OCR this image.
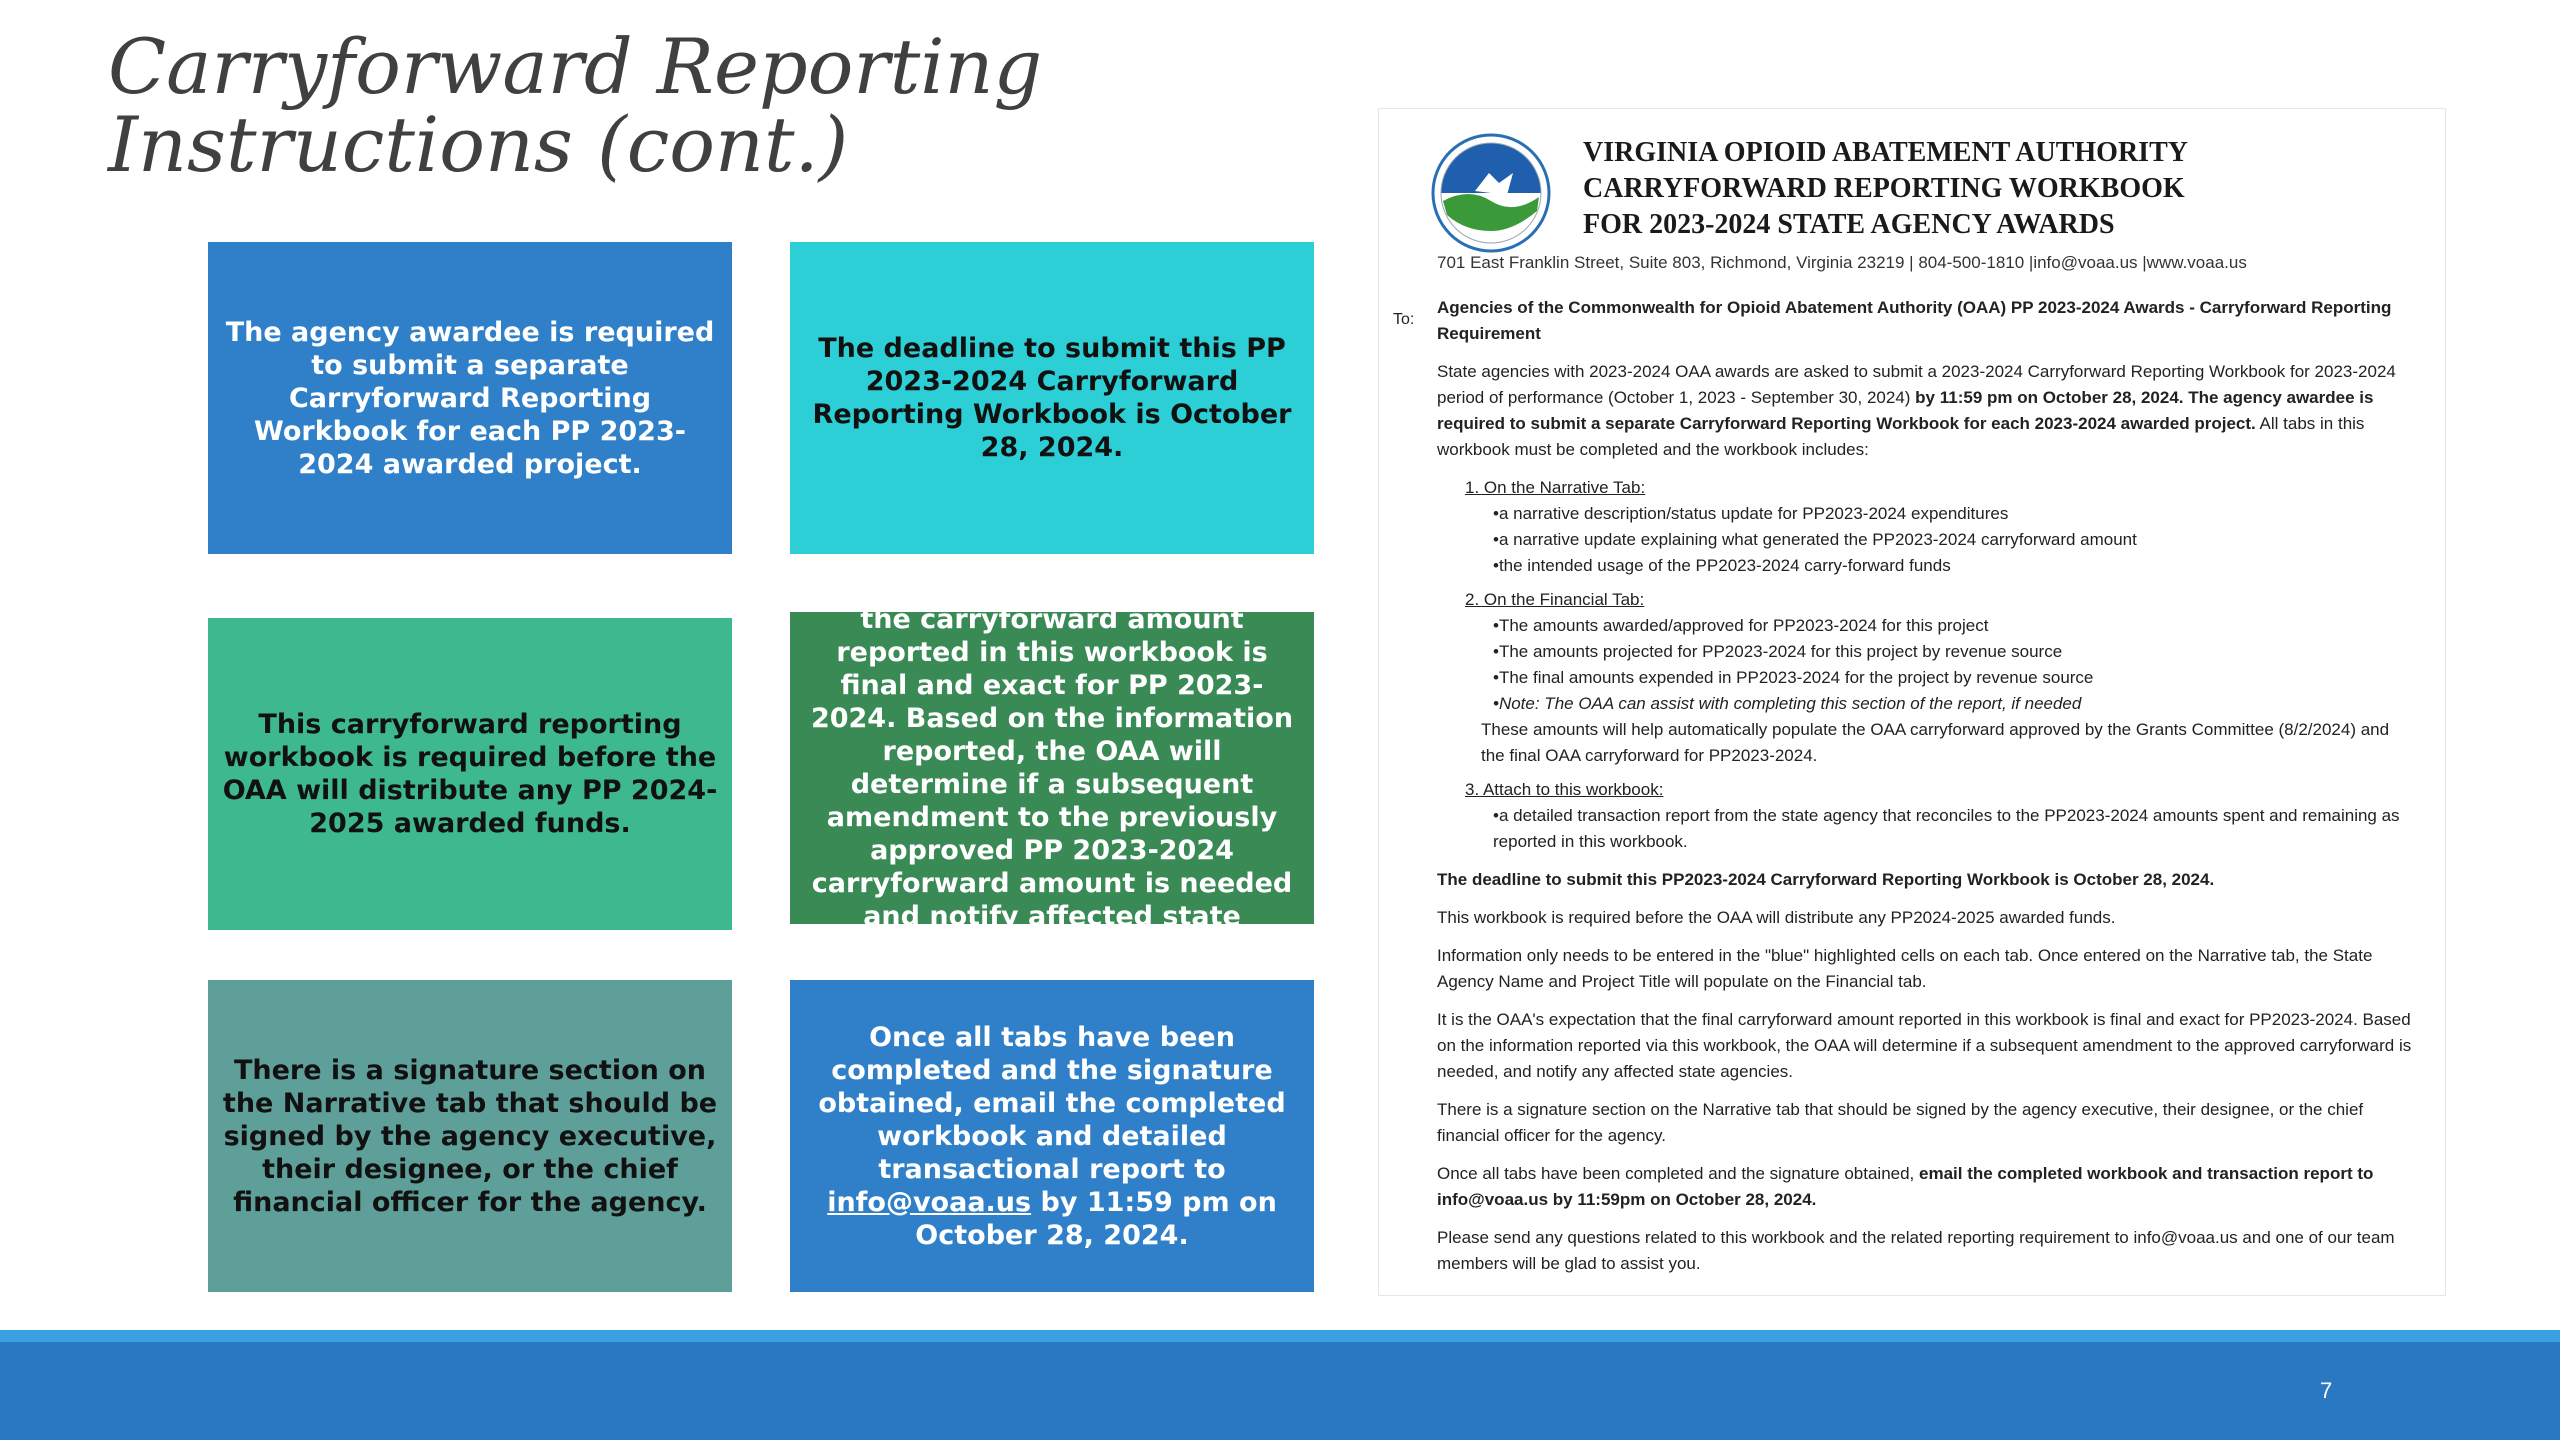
Carryforward Reporting
Instructions (cont.)
The agency awardee is required to submit a separate Carryforward Reporting Workbook for each PP 2023-2024 awarded project.
The deadline to submit this PP 2023-2024 Carryforward Reporting Workbook is October 28, 2024.
This carryforward reporting workbook is required before the OAA will distribute any PP 2024-2025 awarded funds.
It is the OAA’s expectation that the carryforward amount reported in this workbook is final and exact for PP 2023-2024. Based on the information reported, the OAA will determine if a subsequent amendment to the previously approved PP 2023-2024 carryforward amount is needed and notify affected state agencies.
There is a signature section on the Narrative tab that should be signed by the agency executive, their designee, or the chief financial officer for the agency.
Once all tabs have been completed and the signature obtained, email the completed workbook and detailed transactional report to info@voaa.us by 11:59 pm on October 28, 2024.
VIRGINIA OPIOID ABATEMENT AUTHORITY
CARRYFORWARD REPORTING WORKBOOK
FOR 2023-2024 STATE AGENCY AWARDS
701 East Franklin Street, Suite 803, Richmond, Virginia 23219 | 804-500-1810 |info@voaa.us |www.voaa.us
To:

Agencies of the Commonwealth for Opioid Abatement Authority (OAA) PP 2023-2024 Awards - Carryforward Reporting Requirement

State agencies with 2023-2024 OAA awards are asked to submit a 2023-2024 Carryforward Reporting Workbook for 2023-2024 period of performance (October 1, 2023 - September 30, 2024) by 11:59 pm on October 28, 2024. The agency awardee is required to submit a separate Carryforward Reporting Workbook for each 2023-2024 awarded project. All tabs in this workbook must be completed and the workbook includes:

1. On the Narrative Tab:
•a narrative description/status update for PP2023-2024 expenditures
•a narrative update explaining what generated the PP2023-2024 carryforward amount
•the intended usage of the PP2023-2024 carry-forward funds
2. On the Financial Tab:
•The amounts awarded/approved for PP2023-2024 for this project
•The amounts projected for PP2023-2024 for this project by revenue source
•The final amounts expended in PP2023-2024 for the project by revenue source
•Note: The OAA can assist with completing this section of the report, if needed
These amounts will help automatically populate the OAA carryforward approved by the Grants Committee (8/2/2024) and the final OAA carryforward for PP2023-2024.
3. Attach to this workbook:

•a detailed transaction report from the state agency that reconciles to the PP2023-2024 amounts spent and remaining as reported in this workbook.

The deadline to submit this PP2023-2024 Carryforward Reporting Workbook is October 28, 2024.

This workbook is required before the OAA will distribute any PP2024-2025 awarded funds.

Information only needs to be entered in the "blue" highlighted cells on each tab. Once entered on the Narrative tab, the State Agency Name and Project Title will populate on the Financial tab.

It is the OAA's expectation that the final carryforward amount reported in this workbook is final and exact for PP2023-2024. Based on the information reported via this workbook, the OAA will determine if a subsequent amendment to the approved carryforward is needed, and notify any affected state agencies.

There is a signature section on the Narrative tab that should be signed by the agency executive, their designee, or the chief financial officer for the agency.

Once all tabs have been completed and the signature obtained, email the completed workbook and transaction report to info@voaa.us by 11:59pm on October 28, 2024.

Please send any questions related to this workbook and the related reporting requirement to info@voaa.us and one of our team members will be glad to assist you.

7
